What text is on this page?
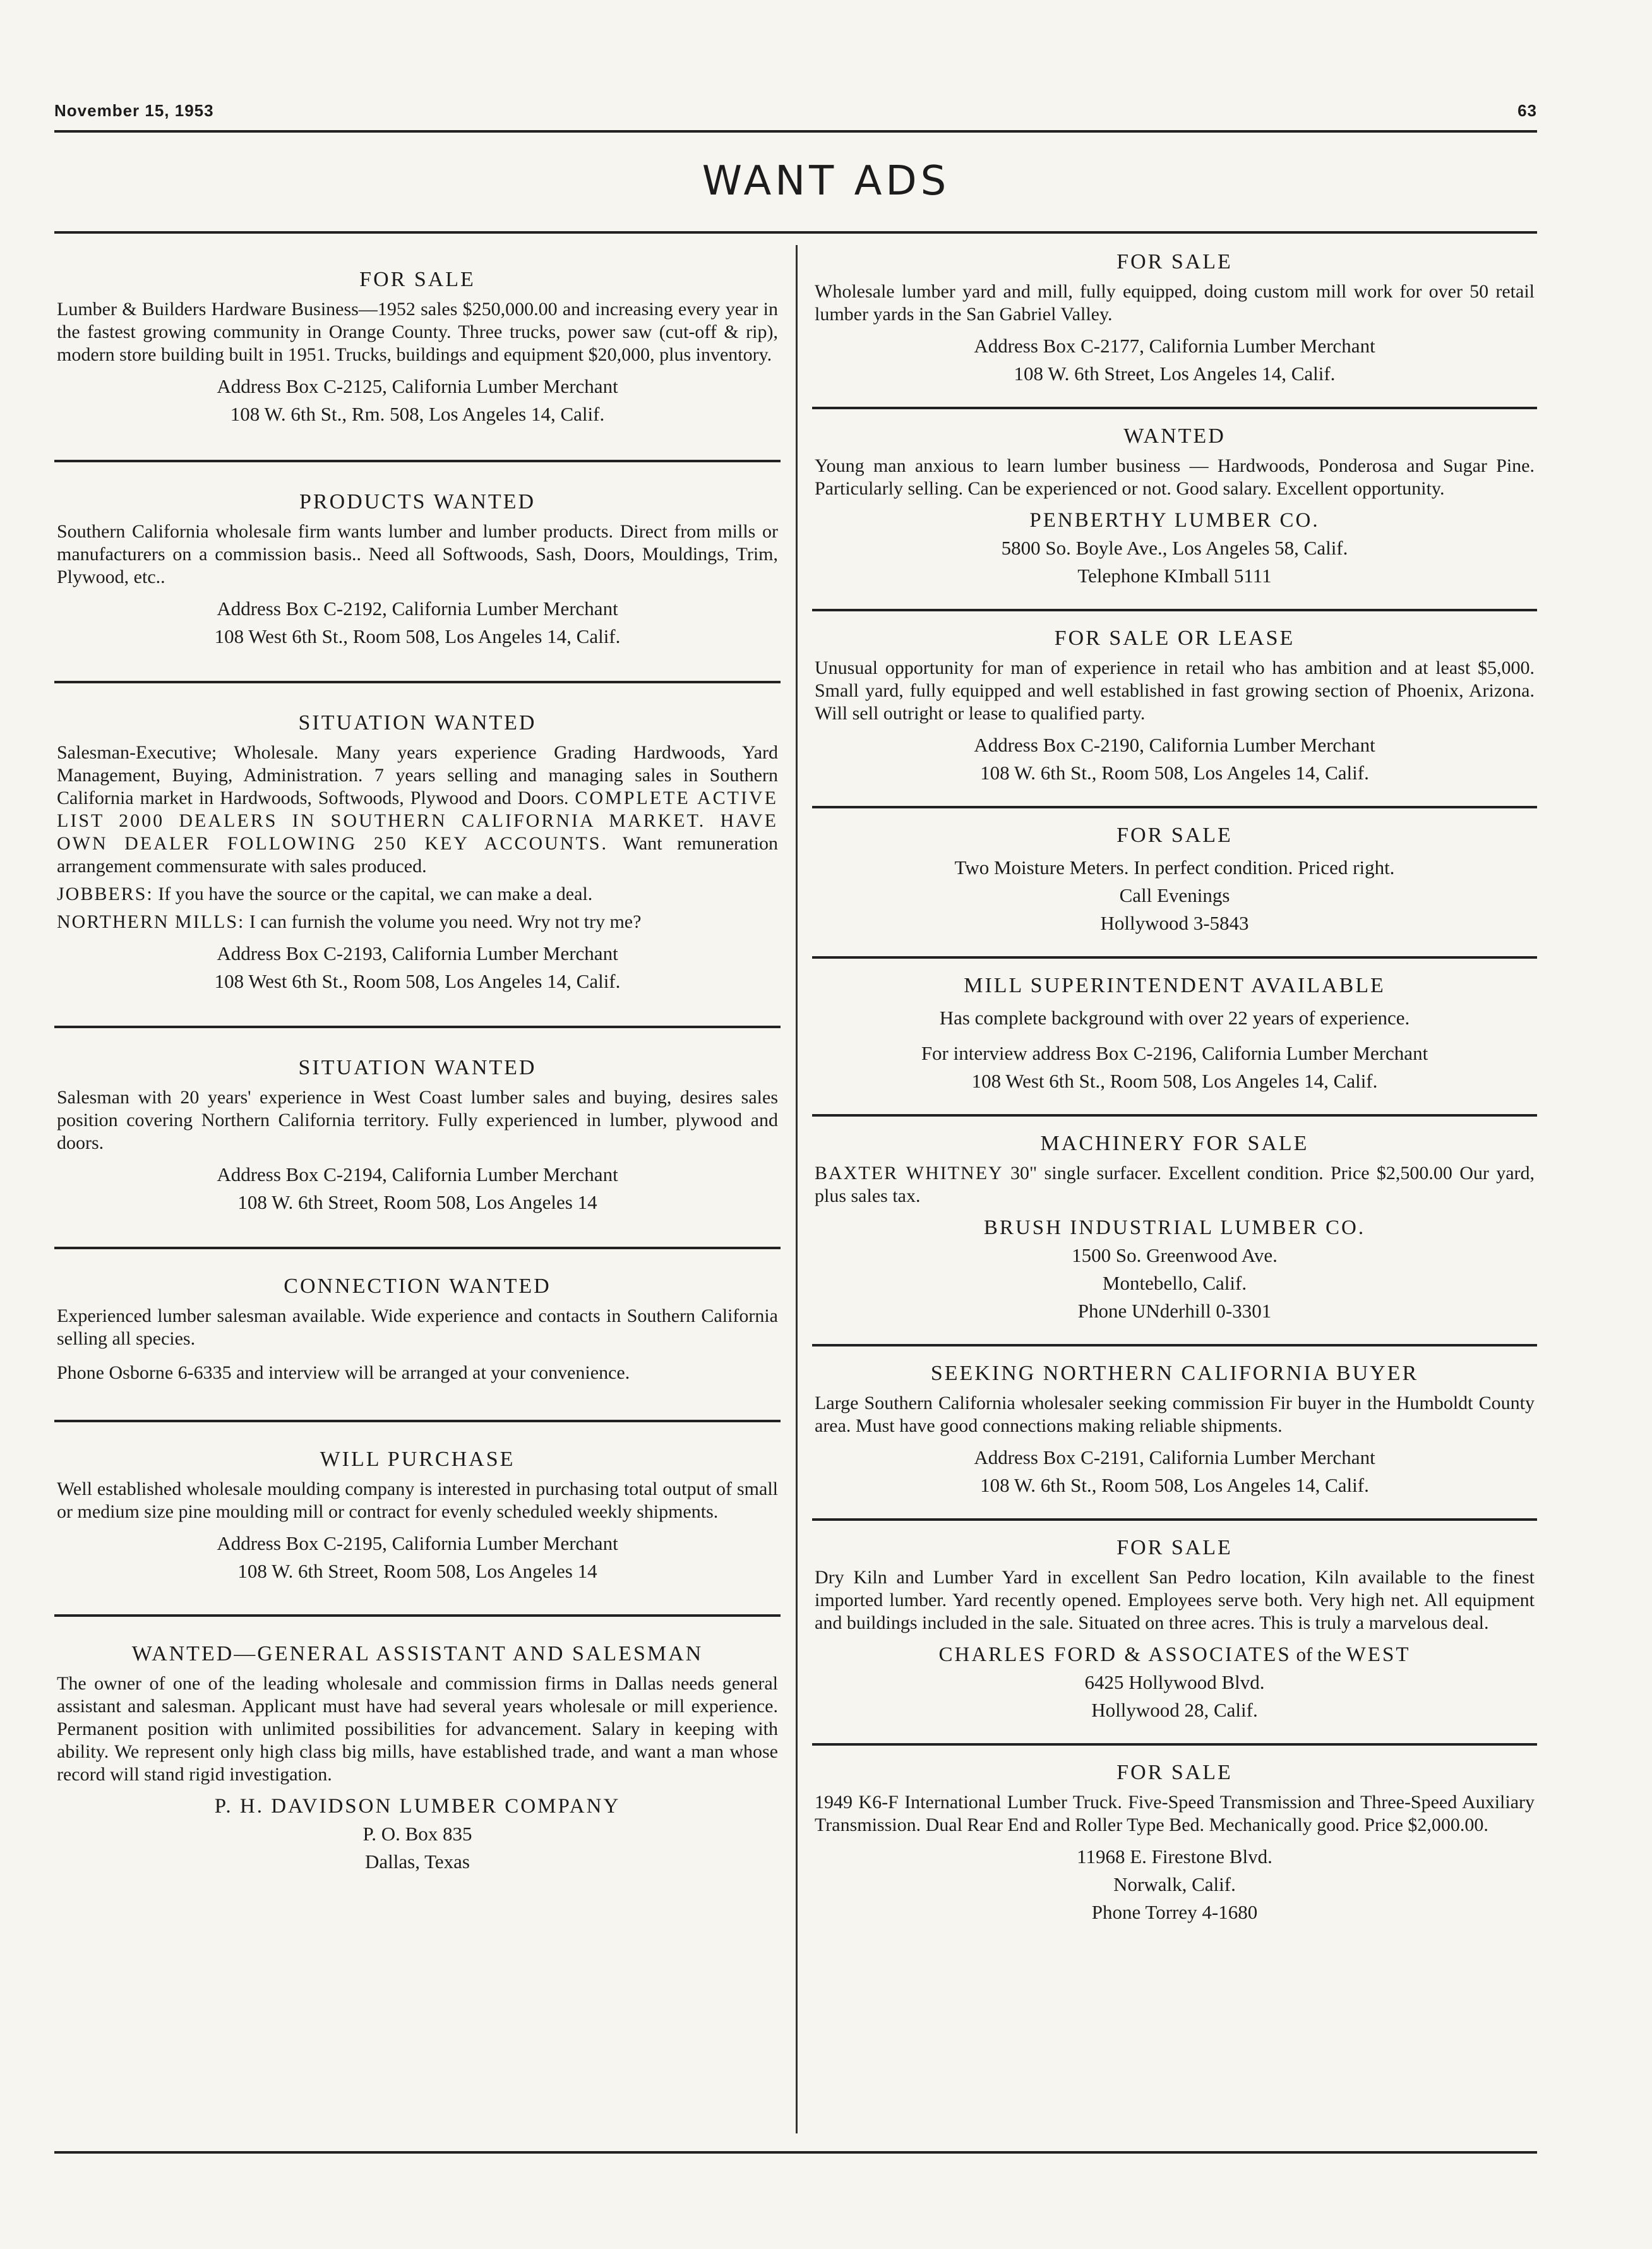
November 15, 1953	63
WANT ADS
FOR SALE

Lumber & Builders Hardware Business—1952 sales $250,000.00 and increasing every year in the fastest growing community in Orange County. Three trucks, power saw (cut-off & rip), modern store building built in 1951. Trucks, buildings and equipment $20,000, plus inventory.

Address Box C-2125, California Lumber Merchant

108 W. 6th St., Rm. 508, Los Angeles 14, Calif.

PRODUCTS WANTED

Southern California wholesale firm wants lumber and lumber products. Direct from mills or manufacturers on a commission basis.. Need all Softwoods, Sash, Doors, Mouldings, Trim, Plywood, etc..

Address Box C-2192, California Lumber Merchant

108 West 6th St., Room 508, Los Angeles 14, Calif.

SITUATION WANTED

Salesman-Executive; Wholesale. Many years experience Grading Hardwoods, Yard Management, Buying, Administration. 7 years selling and managing sales in Southern California market in Hardwoods, Softwoods, Plywood and Doors. COMPLETE ACTIVE LIST 2000 DEALERS IN SOUTHERN CALIFORNIA MARKET. HAVE OWN DEALER FOLLOWING 250 KEY ACCOUNTS. Want remuneration arrangement commensurate with sales produced.

JOBBERS: If you have the source or the capital, we can make a deal.

NORTHERN MILLS: I can furnish the volume you need. Wry not try me?

Address Box C-2193, California Lumber Merchant

108 West 6th St., Room 508, Los Angeles 14, Calif.

SITUATION WANTED

Salesman with 20 years' experience in West Coast lumber sales and buying, desires sales position covering Northern California territory. Fully experienced in lumber, plywood and doors.

Address Box C-2194, California Lumber Merchant

108 W. 6th Street, Room 508, Los Angeles 14

CONNECTION WANTED

Experienced lumber salesman available. Wide experience and contacts in Southern California selling all species.

Phone Osborne 6-6335 and interview will be arranged at your convenience.

WILL PURCHASE

Well established wholesale moulding company is interested in purchasing total output of small or medium size pine moulding mill or contract for evenly scheduled weekly shipments.

Address Box C-2195, California Lumber Merchant

108 W. 6th Street, Room 508, Los Angeles 14

WANTED—GENERAL ASSISTANT AND SALESMAN

The owner of one of the leading wholesale and commission firms in Dallas needs general assistant and salesman. Applicant must have had several years wholesale or mill experience. Permanent position with unlimited possibilities for advancement. Salary in keeping with ability. We represent only high class big mills, have established trade, and want a man whose record will stand rigid investigation.

P. H. DAVIDSON LUMBER COMPANY

P. O. Box 835

Dallas, Texas

FOR SALE

Wholesale lumber yard and mill, fully equipped, doing custom mill work for over 50 retail lumber yards in the San Gabriel Valley.

Address Box C-2177, California Lumber Merchant

108 W. 6th Street, Los Angeles 14, Calif.

WANTED

Young man anxious to learn lumber business — Hardwoods, Ponderosa and Sugar Pine. Particularly selling. Can be experienced or not. Good salary. Excellent opportunity.

PENBERTHY LUMBER CO.

5800 So. Boyle Ave., Los Angeles 58, Calif.

Telephone KImball 5111

FOR SALE OR LEASE

Unusual opportunity for man of experience in retail who has ambition and at least $5,000. Small yard, fully equipped and well established in fast growing section of Phoenix, Arizona. Will sell outright or lease to qualified party.

Address Box C-2190, California Lumber Merchant

108 W. 6th St., Room 508, Los Angeles 14, Calif.

FOR SALE

Two Moisture Meters. In perfect condition. Priced right.

Call Evenings

Hollywood 3-5843

MILL SUPERINTENDENT AVAILABLE

Has complete background with over 22 years of experience.

For interview address Box C-2196, California Lumber Merchant

108 West 6th St., Room 508, Los Angeles 14, Calif.

MACHINERY FOR SALE

BAXTER WHITNEY 30" single surfacer. Excellent condition. Price $2,500.00 Our yard, plus sales tax.

BRUSH INDUSTRIAL LUMBER CO.

1500 So. Greenwood Ave.

Montebello, Calif.

Phone UNderhill 0-3301

SEEKING NORTHERN CALIFORNIA BUYER

Large Southern California wholesaler seeking commission Fir buyer in the Humboldt County area. Must have good connections making reliable shipments.

Address Box C-2191, California Lumber Merchant

108 W. 6th St., Room 508, Los Angeles 14, Calif.

FOR SALE

Dry Kiln and Lumber Yard in excellent San Pedro location, Kiln available to the finest imported lumber. Yard recently opened. Employees serve both. Very high net. All equipment and buildings included in the sale. Situated on three acres. This is truly a marvelous deal.

CHARLES FORD & ASSOCIATES of the WEST

6425 Hollywood Blvd.

Hollywood 28, Calif.

FOR SALE

1949 K6-F International Lumber Truck. Five-Speed Transmission and Three-Speed Auxiliary Transmission. Dual Rear End and Roller Type Bed. Mechanically good. Price $2,000.00.

11968 E. Firestone Blvd.

Norwalk, Calif.

Phone Torrey 4-1680
